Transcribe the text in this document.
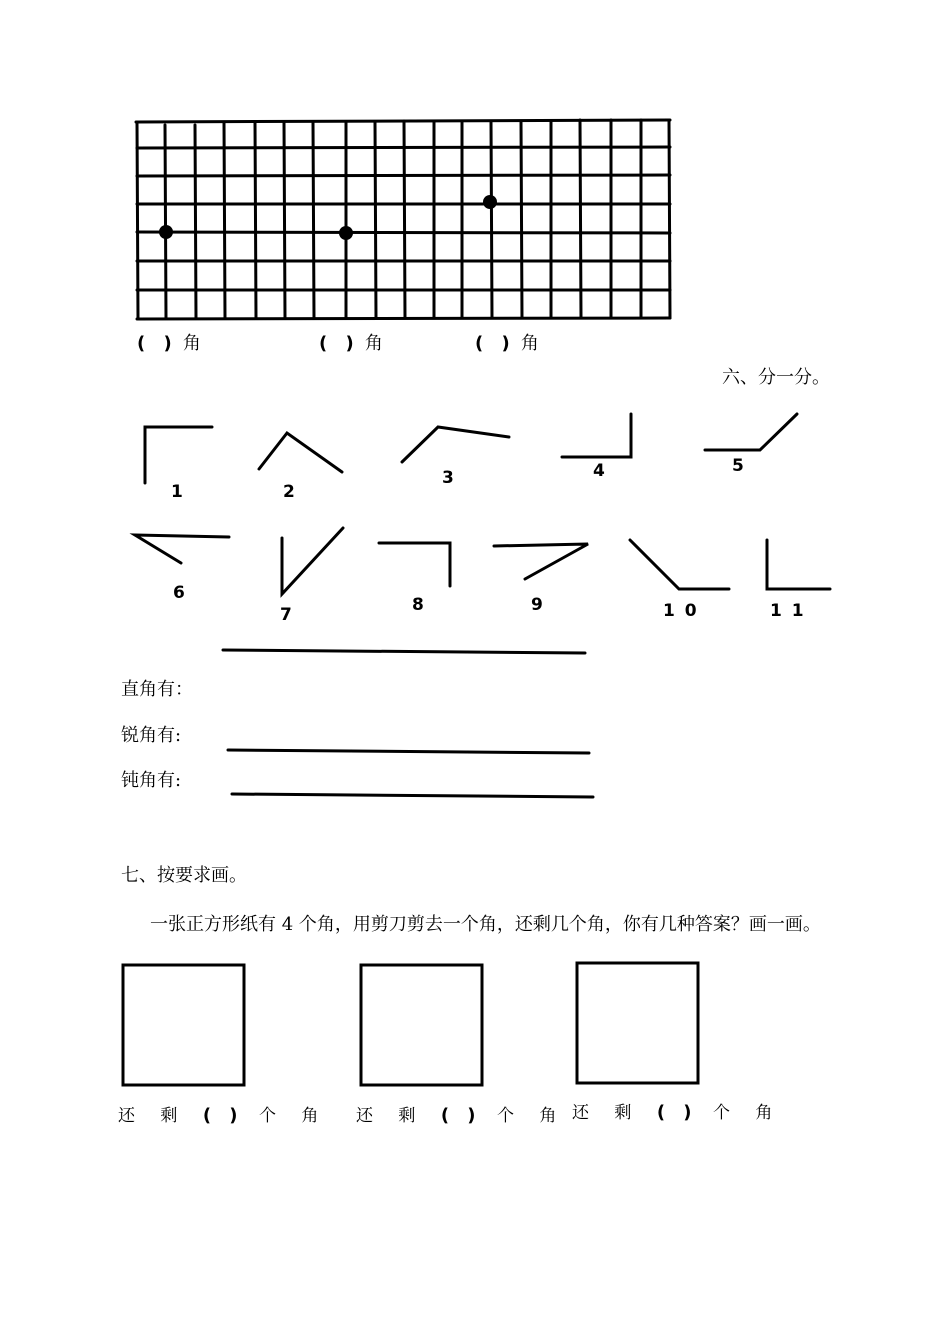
( ) 角	( ) 角	( ) 角
六、分一分。
1	2
3	4	5
6
7	8	9	1 0	1 1
直角有：
锐角有:
钝角有:
七、按要求画。
一张正方形纸有 4 个角，用剪刀剪去一个角，还剩几个角，你有几种答案？画一画。
还 剩 ( ) 个 角 还 剩 ( ) 个 角 还 剩 ( ) 个 角
